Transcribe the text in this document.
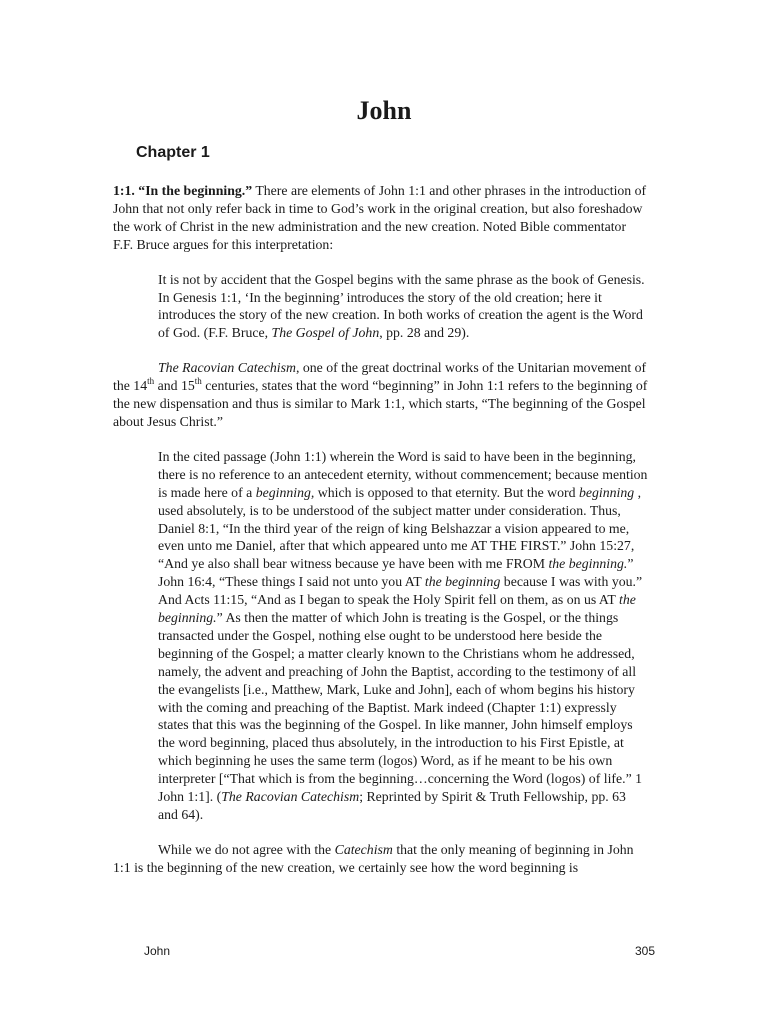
John
Chapter 1

1:1. “In the beginning.” There are elements of John 1:1 and other phrases in the introduction of John that not only refer back in time to God’s work in the original creation, but also foreshadow the work of Christ in the new administration and the new creation. Noted Bible commentator F.F. Bruce argues for this interpretation:

It is not by accident that the Gospel begins with the same phrase as the book of Genesis. In Genesis 1:1, ‘In the beginning’ introduces the story of the old creation; here it introduces the story of the new creation. In both works of creation the agent is the Word of God. (F.F. Bruce, The Gospel of John, pp. 28 and 29).

The Racovian Catechism, one of the great doctrinal works of the Unitarian movement of the 14th and 15th centuries, states that the word “beginning” in John 1:1 refers to the beginning of the new dispensation and thus is similar to Mark 1:1, which starts, “The beginning of the Gospel about Jesus Christ.”

In the cited passage (John 1:1) wherein the Word is said to have been in the beginning, there is no reference to an antecedent eternity, without commencement; because mention is made here of a beginning, which is opposed to that eternity. But the word beginning , used absolutely, is to be understood of the subject matter under consideration. Thus, Daniel 8:1, “In the third year of the reign of king Belshazzar a vision appeared to me, even unto me Daniel, after that which appeared unto me AT THE FIRST.” John 15:27, “And ye also shall bear witness because ye have been with me FROM the beginning.” John 16:4, “These things I said not unto you AT the beginning because I was with you.” And Acts 11:15, “And as I began to speak the Holy Spirit fell on them, as on us AT the beginning.” As then the matter of which John is treating is the Gospel, or the things transacted under the Gospel, nothing else ought to be understood here beside the beginning of the Gospel; a matter clearly known to the Christians whom he addressed, namely, the advent and preaching of John the Baptist, according to the testimony of all the evangelists [i.e., Matthew, Mark, Luke and John], each of whom begins his history with the coming and preaching of the Baptist. Mark indeed (Chapter 1:1) expressly states that this was the beginning of the Gospel. In like manner, John himself employs the word beginning, placed thus absolutely, in the introduction to his First Epistle, at which beginning he uses the same term (logos) Word, as if he meant to be his own interpreter [“That which is from the beginning…concerning the Word (logos) of life.” 1 John 1:1]. (The Racovian Catechism; Reprinted by Spirit & Truth Fellowship, pp. 63 and 64).

While we do not agree with the Catechism that the only meaning of beginning in John 1:1 is the beginning of the new creation, we certainly see how the word beginning is

John	305
